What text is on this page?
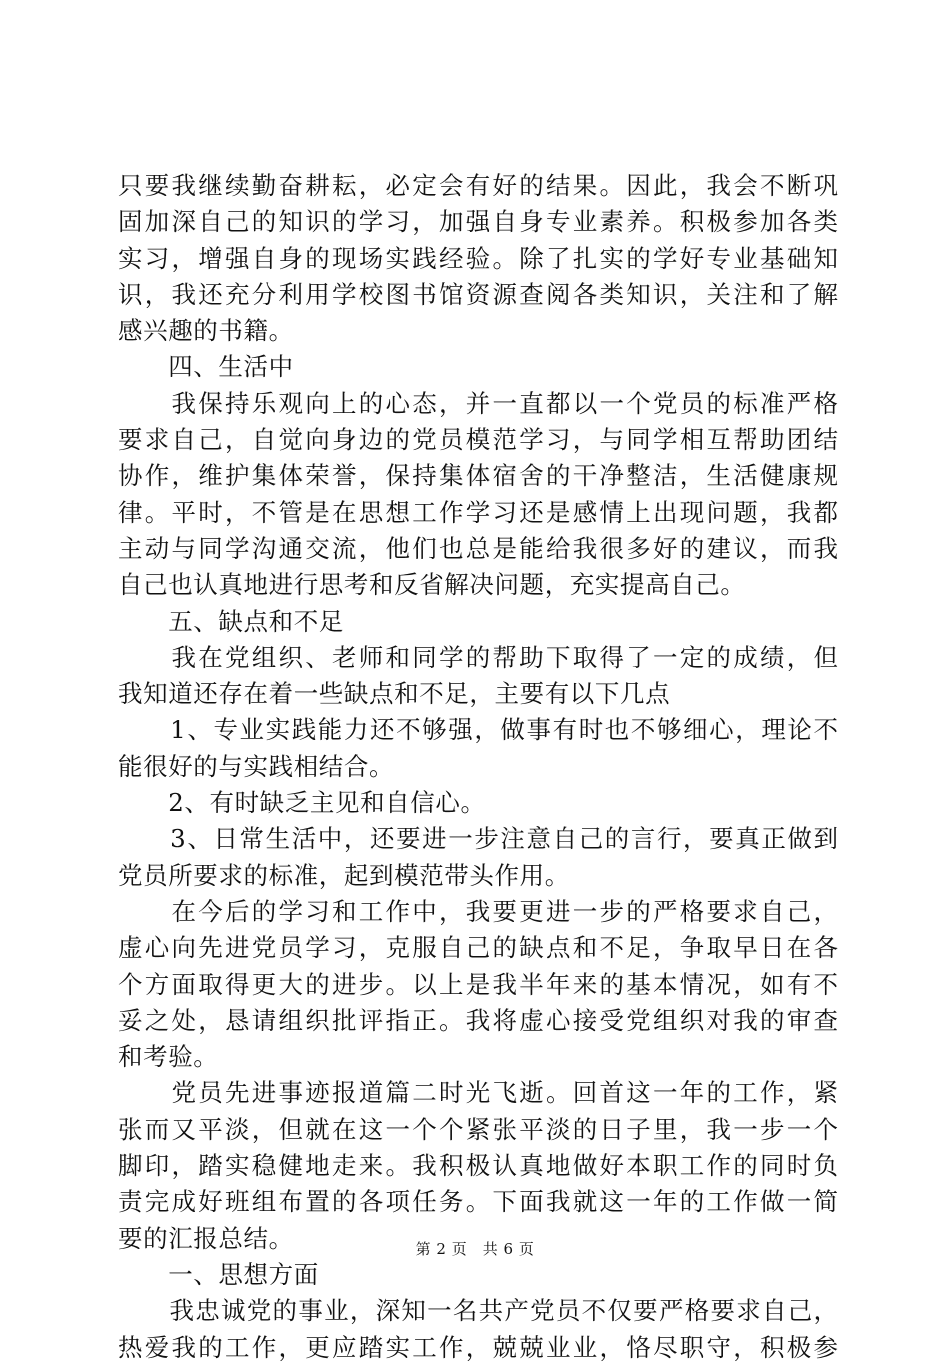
只要我继续勤奋耕耘，必定会有好的结果。因此，我会不断巩
固加深自己的知识的学习，加强自身专业素养。积极参加各类
实习，增强自身的现场实践经验。除了扎实的学好专业基础知
识，我还充分利用学校图书馆资源查阅各类知识，关注和了解
感兴趣的书籍。
　　四、生活中
　　我保持乐观向上的心态，并一直都以一个党员的标准严格
要求自己，自觉向身边的党员模范学习，与同学相互帮助团结
协作，维护集体荣誉，保持集体宿舍的干净整洁，生活健康规
律。平时，不管是在思想工作学习还是感情上出现问题，我都
主动与同学沟通交流，他们也总是能给我很多好的建议，而我
自己也认真地进行思考和反省解决问题，充实提高自己。
　　五、缺点和不足
　　我在党组织、老师和同学的帮助下取得了一定的成绩，但
我知道还存在着一些缺点和不足，主要有以下几点
　　1、专业实践能力还不够强，做事有时也不够细心，理论不
能很好的与实践相结合。
　　2、有时缺乏主见和自信心。
　　3、日常生活中，还要进一步注意自己的言行，要真正做到
党员所要求的标准，起到模范带头作用。
　　在今后的学习和工作中，我要更进一步的严格要求自己，
虚心向先进党员学习，克服自己的缺点和不足，争取早日在各
个方面取得更大的进步。以上是我半年来的基本情况，如有不
妥之处，恳请组织批评指正。我将虚心接受党组织对我的审查
和考验。
　　党员先进事迹报道篇二时光飞逝。回首这一年的工作，紧
张而又平淡，但就在这一个个紧张平淡的日子里，我一步一个
脚印，踏实稳健地走来。我积极认真地做好本职工作的同时负
责完成好班组布置的各项任务。下面我就这一年的工作做一简
要的汇报总结。
　　一、思想方面
　　我忠诚党的事业，深知一名共产党员不仅要严格要求自己，
热爱我的工作，更应踏实工作，兢兢业业，恪尽职守，积极参
第 2 页　共 6 页
